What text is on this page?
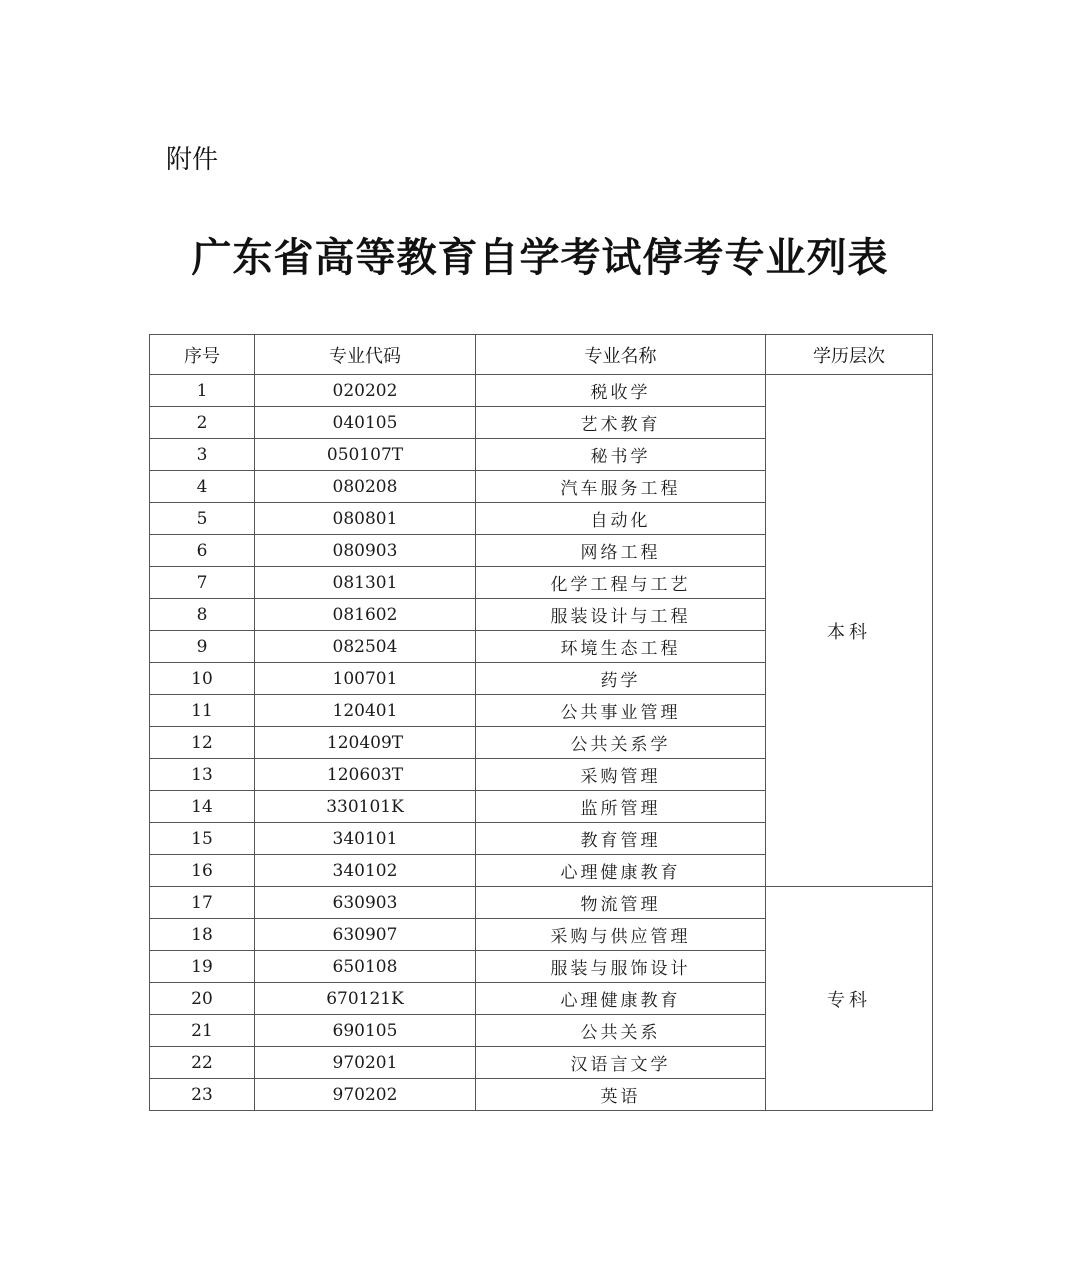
附件
广东省高等教育自学考试停考专业列表
序号	专业代码	专业名称	学历层次
1	020202	税收学	本科
2	040105	艺术教育	
3	050107T	秘书学	
4	080208	汽车服务工程	
5	080801	自动化	
6	080903	网络工程	
7	081301	化学工程与工艺	
8	081602	服装设计与工程	
9	082504	环境生态工程	
10	100701	药学	
11	120401	公共事业管理	
12	120409T	公共关系学	
13	120603T	采购管理	
14	330101K	监所管理	
15	340101	教育管理	
16	340102	心理健康教育	
17	630903	物流管理	专科
18	630907	采购与供应管理	
19	650108	服装与服饰设计	
20	670121K	心理健康教育	
21	690105	公共关系	
22	970201	汉语言文学	
23	970202	英语	
